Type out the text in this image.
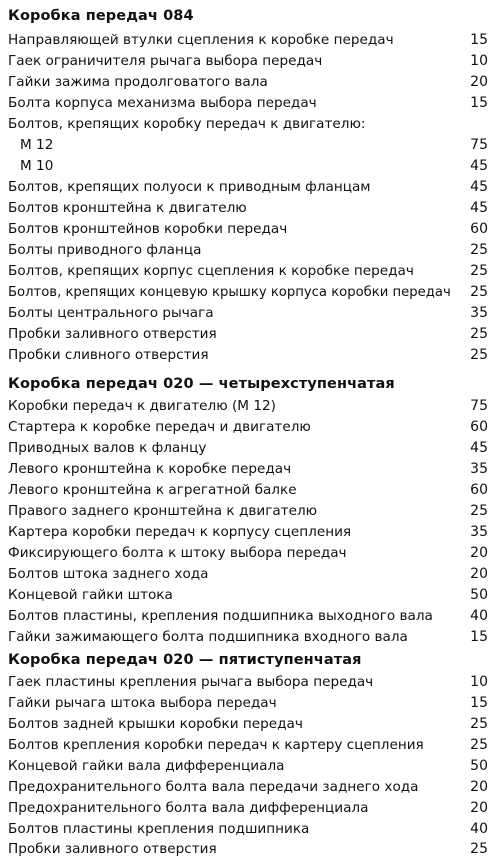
Коробка передач 084
Направляющей втулки сцепления к коробке передач	15
Гаек ограничителя рычага выбора передач	10
Гайки зажима продолговатого вала	20
Болта корпуса механизма выбора передач	15
Болтов, крепящих коробку передач к двигателю:
М 12	75
М 10	45
Болтов, крепящих полуоси к приводным фланцам	45
Болтов кронштейна к двигателю	45
Болтов кронштейнов коробки передач	60
Болты приводного фланца	25
Болтов, крепящих корпус сцепления к коробке передач	25
Болтов, крепящих концевую крышку корпуса коробки передач	25
Болты центрального рычага	35
Пробки заливного отверстия	25
Пробки сливного отверстия	25
Коробка передач 020 — четырехступенчатая
Коробки передач к двигателю (М 12)	75
Стартера к коробке передач и двигателю	60
Приводных валов к фланцу	45
Левого кронштейна к коробке передач	35
Левого кронштейна к агрегатной балке	60
Правого заднего кронштейна к двигателю	25
Картера коробки передач к корпусу сцепления	35
Фиксирующего болта к штоку выбора передач	20
Болтов штока заднего хода	20
Концевой гайки штока	50
Болтов пластины, крепления подшипника выходного вала	40
Гайки зажимающего болта подшипника входного вала	15
Коробка передач 020 — пятиступенчатая
Гаек пластины крепления рычага выбора передач	10
Гайки рычага штока выбора передач	15
Болтов задней крышки коробки передач	25
Болтов крепления коробки передач к картеру сцепления	25
Концевой гайки вала дифференциала	50
Предохранительного болта вала передачи заднего хода	20
Предохранительного болта вала дифференциала	20
Болтов пластины крепления подшипника	40
Пробки заливного отверстия	25
